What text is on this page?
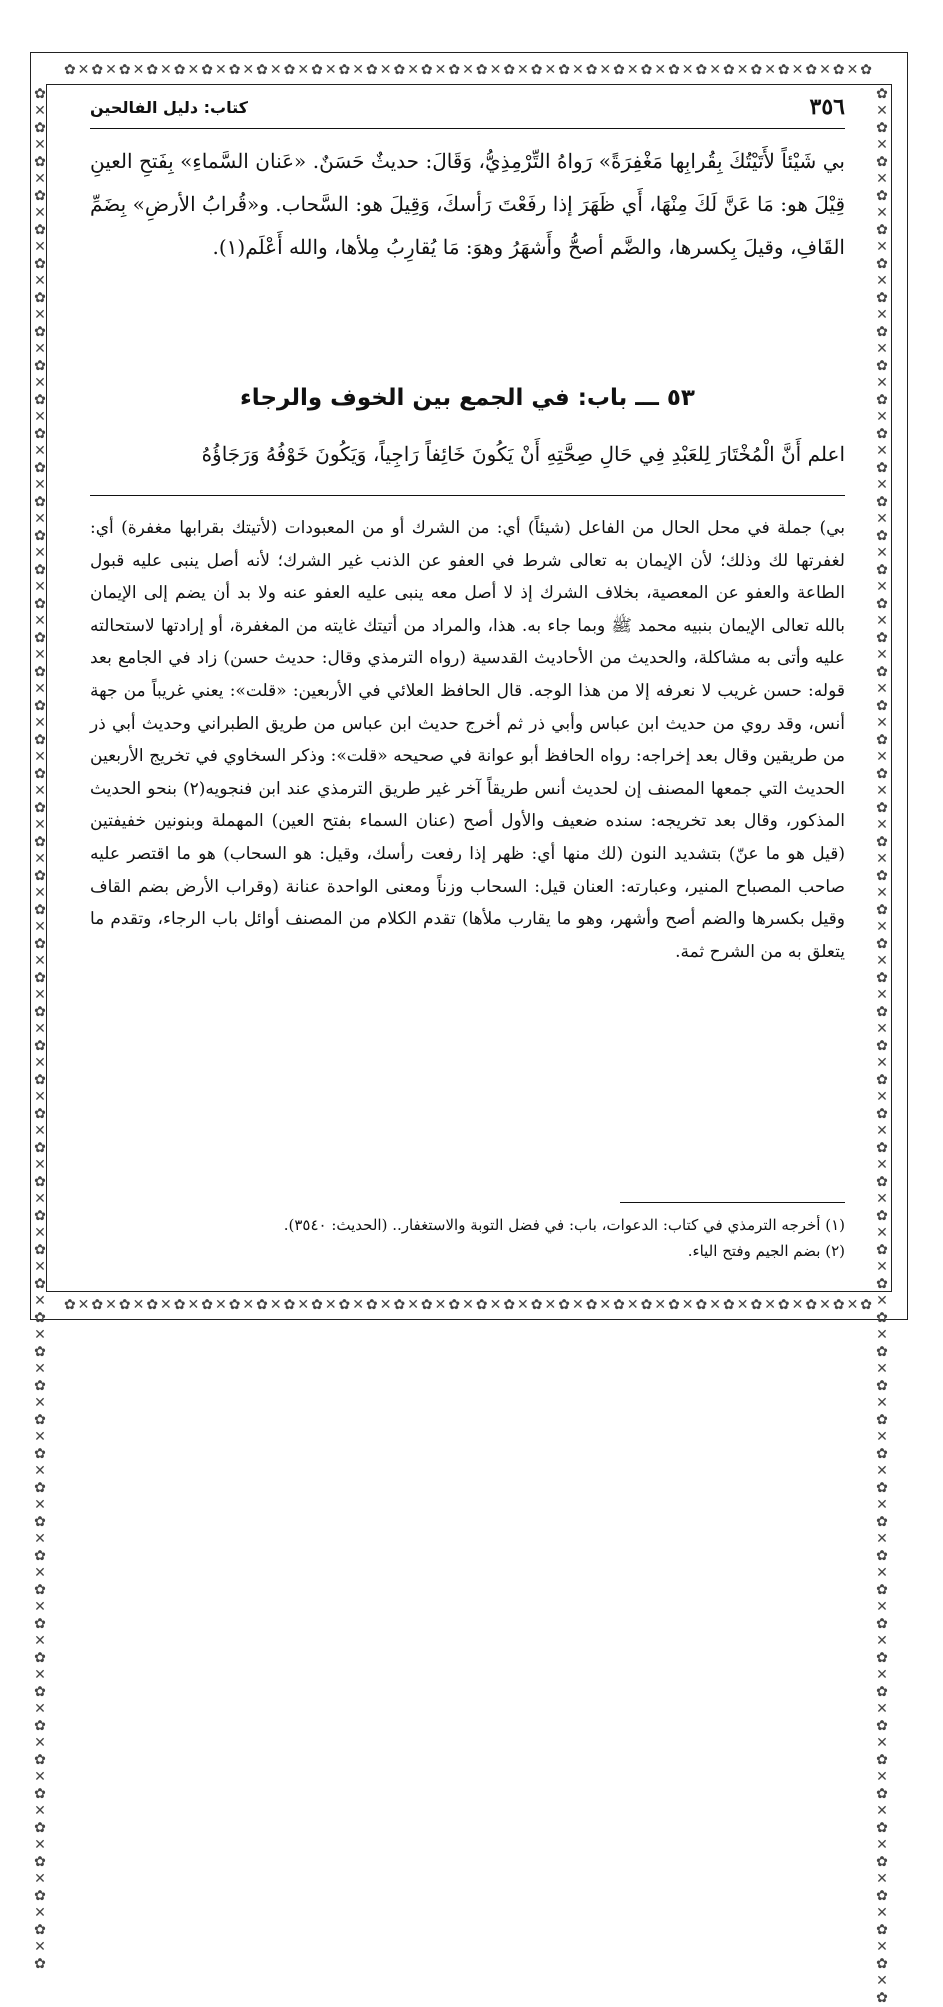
✿✕✿✕✿✕✿✕✿✕✿✕✿✕✿✕✿✕✿✕✿✕✿✕✿✕✿✕✿✕✿✕✿✕✿✕✿✕✿✕✿✕✿✕✿✕✿✕✿✕✿✕✿✕✿✕✿✕✿
✿✕✿✕✿✕✿✕✿✕✿✕✿✕✿✕✿✕✿✕✿✕✿✕✿✕✿✕✿✕✿✕✿✕✿✕✿✕✿✕✿✕✿✕✿✕✿✕✿✕✿✕✿✕✿✕✿✕✿
✿✕✿✕✿✕✿✕✿✕✿✕✿✕✿✕✿✕✿✕✿✕✿✕✿✕✿✕✿✕✿✕✿✕✿✕✿✕✿✕✿✕✿✕✿✕✿✕✿✕✿✕✿✕✿✕✿✕✿✕✿✕✿✕✿✕✿✕✿✕✿✕✿✕✿✕✿✕✿✕✿✕✿✕✿✕✿✕✿✕✿✕✿✕✿✕✿✕✿✕✿✕✿✕✿✕✿✕✿✕✿
✿✕✿✕✿✕✿✕✿✕✿✕✿✕✿✕✿✕✿✕✿✕✿✕✿✕✿✕✿✕✿✕✿✕✿✕✿✕✿✕✿✕✿✕✿✕✿✕✿✕✿✕✿✕✿✕✿✕✿✕✿✕✿✕✿✕✿✕✿✕✿✕✿✕✿✕✿✕✿✕✿✕✿✕✿✕✿✕✿✕✿✕✿✕✿✕✿✕✿✕✿✕✿✕✿✕✿✕✿✕✿✕✿
٣٥٦
كتاب: دليل الفالحين

بي شَيْئاً لأَتَيْتُكَ بِقُرابِها مَغْفِرَةً» رَواهُ التِّرْمِذِيُّ، وَقَالَ: حديثٌ حَسَنٌ. «عَنان السَّماءِ» بِفَتحِ العينِ قِيْلَ هو: مَا عَنَّ لَكَ مِنْهَا، أَي ظَهَرَ إذا رفَعْتَ رَأسكَ، وَقِيلَ هو: السَّحاب. و«قُرابُ الأرضِ» بِضَمِّ القَافِ، وقيلَ بِكسرها، والضَّم أصحُّ وأَشهَرُ وهوَ: مَا يُقارِبُ مِلأها، والله أَعْلَم(١).

٥٣ ـــ باب: في الجمع بين الخوف والرجاء

اعلم أَنَّ الْمُخْتَارَ لِلعَبْدِ فِي حَالِ صِحَّتِهِ أَنْ يَكُونَ خَائِفاً رَاجِياً، وَيَكُونَ خَوْفُهُ وَرَجَاؤُهُ

بي) جملة في محل الحال من الفاعل (شيئاً) أي: من الشرك أو من المعبودات (لأتيتك بقرابها مغفرة) أي: لغفرتها لك وذلك؛ لأن الإيمان به تعالى شرط في العفو عن الذنب غير الشرك؛ لأنه أصل ينبى عليه قبول الطاعة والعفو عن المعصية، بخلاف الشرك إذ لا أصل معه ينبى عليه العفو عنه ولا بد أن يضم إلى الإيمان بالله تعالى الإيمان بنبيه محمد ﷺ وبما جاء به. هذا، والمراد من أتيتك غايته من المغفرة، أو إرادتها لاستحالته عليه وأتى به مشاكلة، والحديث من الأحاديث القدسية (رواه الترمذي وقال: حديث حسن) زاد في الجامع بعد قوله: حسن غريب لا نعرفه إلا من هذا الوجه. قال الحافظ العلائي في الأربعين: «قلت»: يعني غريباً من جهة أنس، وقد روي من حديث ابن عباس وأبي ذر ثم أخرج حديث ابن عباس من طريق الطبراني وحديث أبي ذر من طريقين وقال بعد إخراجه: رواه الحافظ أبو عوانة في صحيحه «قلت»: وذكر السخاوي في تخريج الأربعين الحديث التي جمعها المصنف إن لحديث أنس طريقاً آخر غير طريق الترمذي عند ابن فنجويه(٢) بنحو الحديث المذكور، وقال بعد تخريجه: سنده ضعيف والأول أصح (عنان السماء بفتح العين) المهملة وبنونين خفيفتين (قيل هو ما عنّ) بتشديد النون (لك منها أي: ظهر إذا رفعت رأسك، وقيل: هو السحاب) هو ما اقتصر عليه صاحب المصباح المنير، وعبارته: العنان قيل: السحاب وزناً ومعنى الواحدة عنانة (وقراب الأرض بضم القاف وقيل بكسرها والضم أصح وأشهر، وهو ما يقارب ملأها) تقدم الكلام من المصنف أوائل باب الرجاء، وتقدم ما يتعلق به من الشرح ثمة.

(١) أخرجه الترمذي في كتاب: الدعوات، باب: في فضل التوبة والاستغفار.. (الحديث: ٣٥٤٠).

(٢) بضم الجيم وفتح الياء.
